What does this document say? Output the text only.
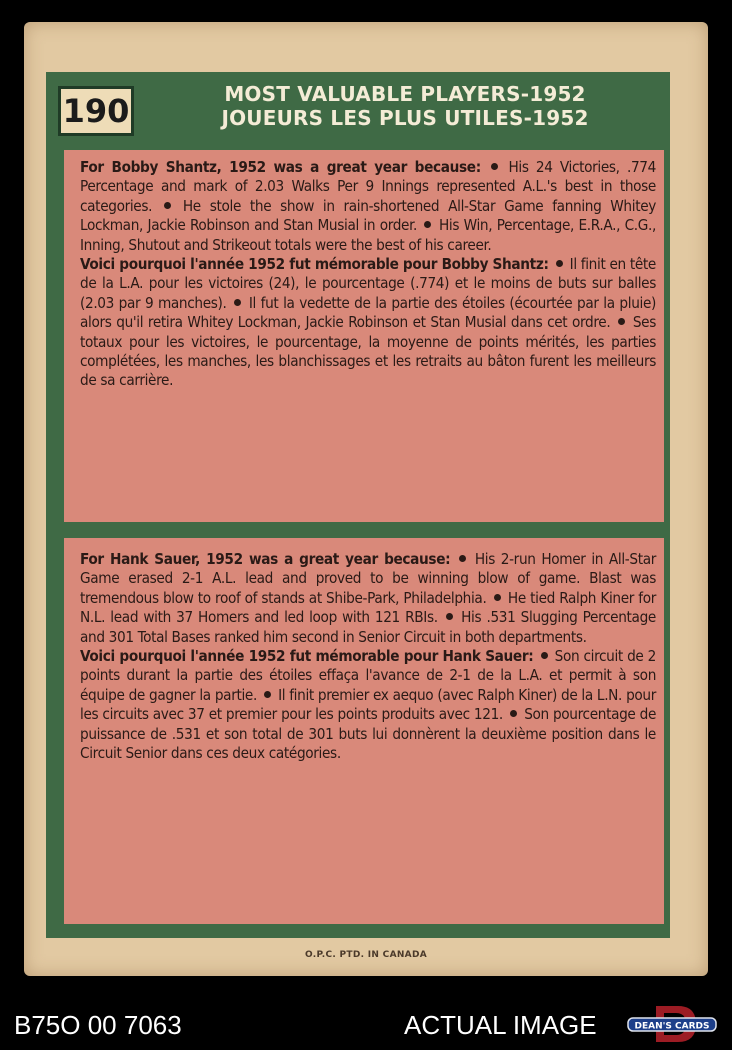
190	MOST VALUABLE PLAYERS-1952
JOUEURS LES PLUS UTILES-1952

For Bobby Shantz, 1952 was a great year because: His 24 Victories, .774 Percentage and mark of 2.03 Walks Per 9 Innings represented A.L.'s best in those categories. He stole the show in rain-shortened All-Star Game fanning Whitey Lockman, Jackie Robinson and Stan Musial in order. His Win, Percentage, E.R.A., C.G., Inning, Shutout and Strikeout totals were the best of his career.

Voici pourquoi l'année 1952 fut mémorable pour Bobby Shantz: Il finit en tête de la L.A. pour les victoires (24), le pourcentage (.774) et le moins de buts sur balles (2.03 par 9 manches). Il fut la vedette de la partie des étoiles (écourtée par la pluie) alors qu'il retira Whitey Lockman, Jackie Robinson et Stan Musial dans cet ordre. Ses totaux pour les victoires, le pourcentage, la moyenne de points mérités, les parties complétées, les manches, les blanchissages et les retraits au bâton furent les meilleurs de sa carrière.

For Hank Sauer, 1952 was a great year because: His 2-run Homer in All-Star Game erased 2-1 A.L. lead and proved to be winning blow of game. Blast was tremendous blow to roof of stands at Shibe-Park, Philadelphia. He tied Ralph Kiner for N.L. lead with 37 Homers and led loop with 121 RBIs. His .531 Slugging Percentage and 301 Total Bases ranked him second in Senior Circuit in both departments.

Voici pourquoi l'année 1952 fut mémorable pour Hank Sauer: Son circuit de 2 points durant la partie des étoiles effaça l'avance de 2-1 de la L.A. et permit à son équipe de gagner la partie. Il finit premier ex aequo (avec Ralph Kiner) de la L.N. pour les circuits avec 37 et premier pour les points produits avec 121. Son pourcentage de puissance de .531 et son total de 301 buts lui donnèrent la deuxième position dans le Circuit Senior dans ces deux catégories.

O.P.C. PTD. IN CANADA
B75O 00 7063	ACTUAL IMAGE	DEAN'S CARDS
